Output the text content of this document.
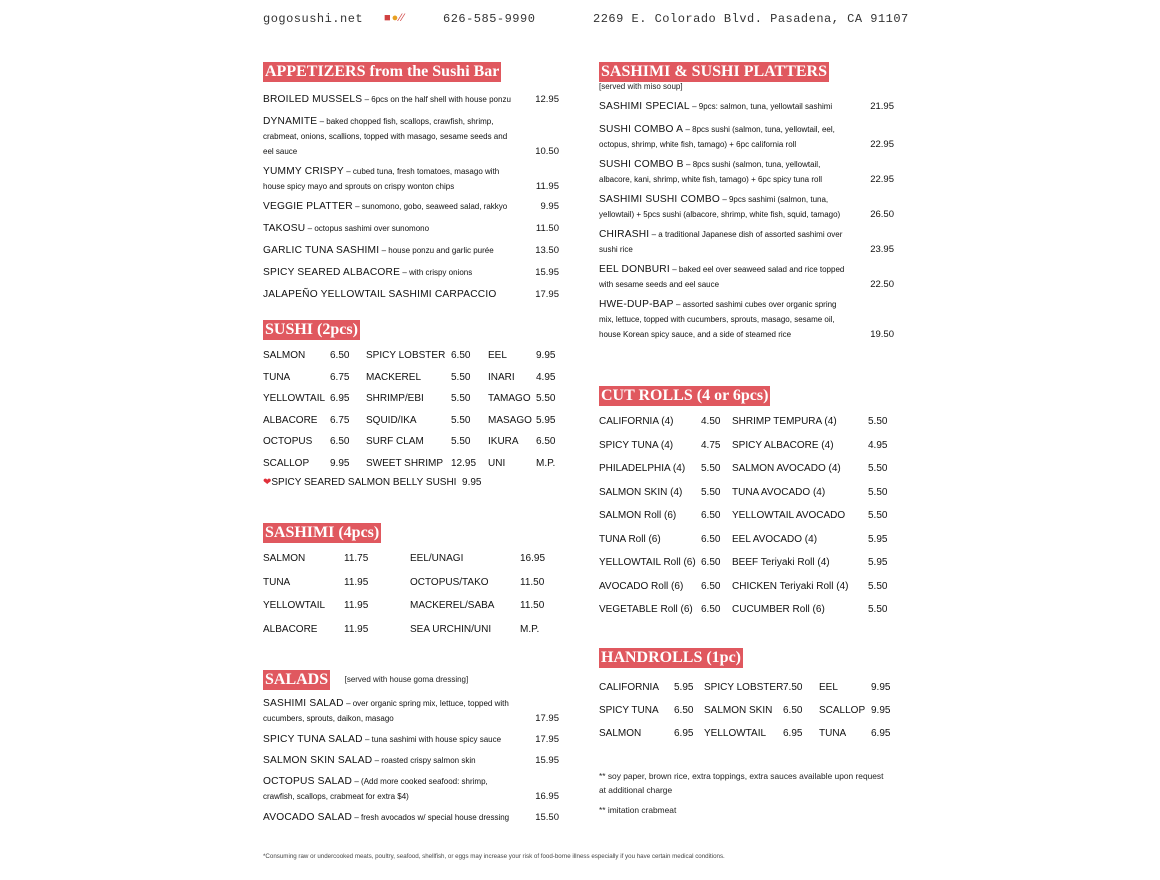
gogosushi.net ■●⁄⁄	626-585-9990	2269 E. Colorado Blvd. Pasadena, CA 91107
APPETIZERS from the Sushi Bar
BROILED MUSSELS – 6pcs on the half shell with house ponzu	12.95
DYNAMITE – baked chopped fish, scallops, crawfish, shrimp, crabmeat, onions, scallions, topped with masago, sesame seeds and eel sauce	10.50
YUMMY CRISPY – cubed tuna, fresh tomatoes, masago with house spicy mayo and sprouts on crispy wonton chips	11.95
VEGGIE PLATTER – sunomono, gobo, seaweed salad, rakkyo	9.95
TAKOSU – octopus sashimi over sunomono	11.50
GARLIC TUNA SASHIMI – house ponzu and garlic purée	13.50
SPICY SEARED ALBACORE – with crispy onions	15.95
JALAPEÑO YELLOWTAIL SASHIMI CARPACCIO	17.95
SUSHI (2pcs)
SALMON	6.50	SPICY LOBSTER 6.50	EEL	9.95
TUNA	6.75	MACKEREL	5.50	INARI	4.95
YELLOWTAIL 6.95	SHRIMP/EBI	5.50	TAMAGO 5.50
ALBACORE	6.75	SQUID/IKA	5.50	MASAGO 5.95
OCTOPUS	6.50	SURF CLAM	5.50	IKURA	6.50
SCALLOP	9.95	SWEET SHRIMP 12.95	UNI	M.P.
❤SPICY SEARED SALMON BELLY SUSHI 9.95
SASHIMI (4pcs)
SALMON	11.75	EEL/UNAGI	16.95
TUNA	11.95	OCTOPUS/TAKO	11.50
YELLOWTAIL	11.95	MACKEREL/SABA	11.50
ALBACORE	11.95	SEA URCHIN/UNI	M.P.
SALADS [served with house goma dressing]
SASHIMI SALAD – over organic spring mix, lettuce, topped with cucumbers, sprouts, daikon, masago	17.95
SPICY TUNA SALAD – tuna sashimi with house spicy sauce	17.95
SALMON SKIN SALAD – roasted crispy salmon skin	15.95
OCTOPUS SALAD – (Add more cooked seafood: shrimp, crawfish, scallops, crabmeat for extra $4)	16.95
AVOCADO SALAD – fresh avocados w/ special house dressing	15.50
SASHIMI & SUSHI PLATTERS
[served with miso soup]
SASHIMI SPECIAL – 9pcs: salmon, tuna, yellowtail sashimi	21.95
SUSHI COMBO A – 8pcs sushi (salmon, tuna, yellowtail, eel, octopus, shrimp, white fish, tamago) + 6pc california roll	22.95
SUSHI COMBO B – 8pcs sushi (salmon, tuna, yellowtail, albacore, kani, shrimp, white fish, tamago) + 6pc spicy tuna roll	22.95
SASHIMI SUSHI COMBO – 9pcs sashimi (salmon, tuna, yellowtail) + 5pcs sushi (albacore, shrimp, white fish, squid, tamago)	26.50
CHIRASHI – a traditional Japanese dish of assorted sashimi over sushi rice	23.95
EEL DONBURI – baked eel over seaweed salad and rice topped with sesame seeds and eel sauce	22.50
HWE-DUP-BAP – assorted sashimi cubes over organic spring mix, lettuce, topped with cucumbers, sprouts, masago, sesame oil, house Korean spicy sauce, and a side of steamed rice	19.50
CUT ROLLS (4 or 6pcs)
CALIFORNIA (4)	4.50	SHRIMP TEMPURA (4)	5.50
SPICY TUNA (4)	4.75	SPICY ALBACORE (4)	4.95
PHILADELPHIA (4)	5.50	SALMON AVOCADO (4)	5.50
SALMON SKIN (4)	5.50	TUNA AVOCADO (4)	5.50
SALMON Roll (6)	6.50	YELLOWTAIL AVOCADO	5.50
TUNA Roll (6)	6.50	EEL AVOCADO (4)	5.95
YELLOWTAIL Roll (6) 6.50	BEEF Teriyaki Roll (4)	5.95
AVOCADO Roll (6)	6.50	CHICKEN Teriyaki Roll (4)	5.50
VEGETABLE Roll (6) 6.50	CUCUMBER Roll (6)	5.50
HANDROLLS (1pc)
CALIFORNIA	5.95	SPICY LOBSTER 7.50	EEL	9.95
SPICY TUNA	6.50	SALMON SKIN	6.50	SCALLOP 9.95
SALMON	6.95	YELLOWTAIL	6.95	TUNA	6.95
** soy paper, brown rice, extra toppings, extra sauces available upon request at additional charge
** imitation crabmeat
*Consuming raw or undercooked meats, poultry, seafood, shellfish, or eggs may increase your risk of food-borne illness especially if you have certain medical conditions.
